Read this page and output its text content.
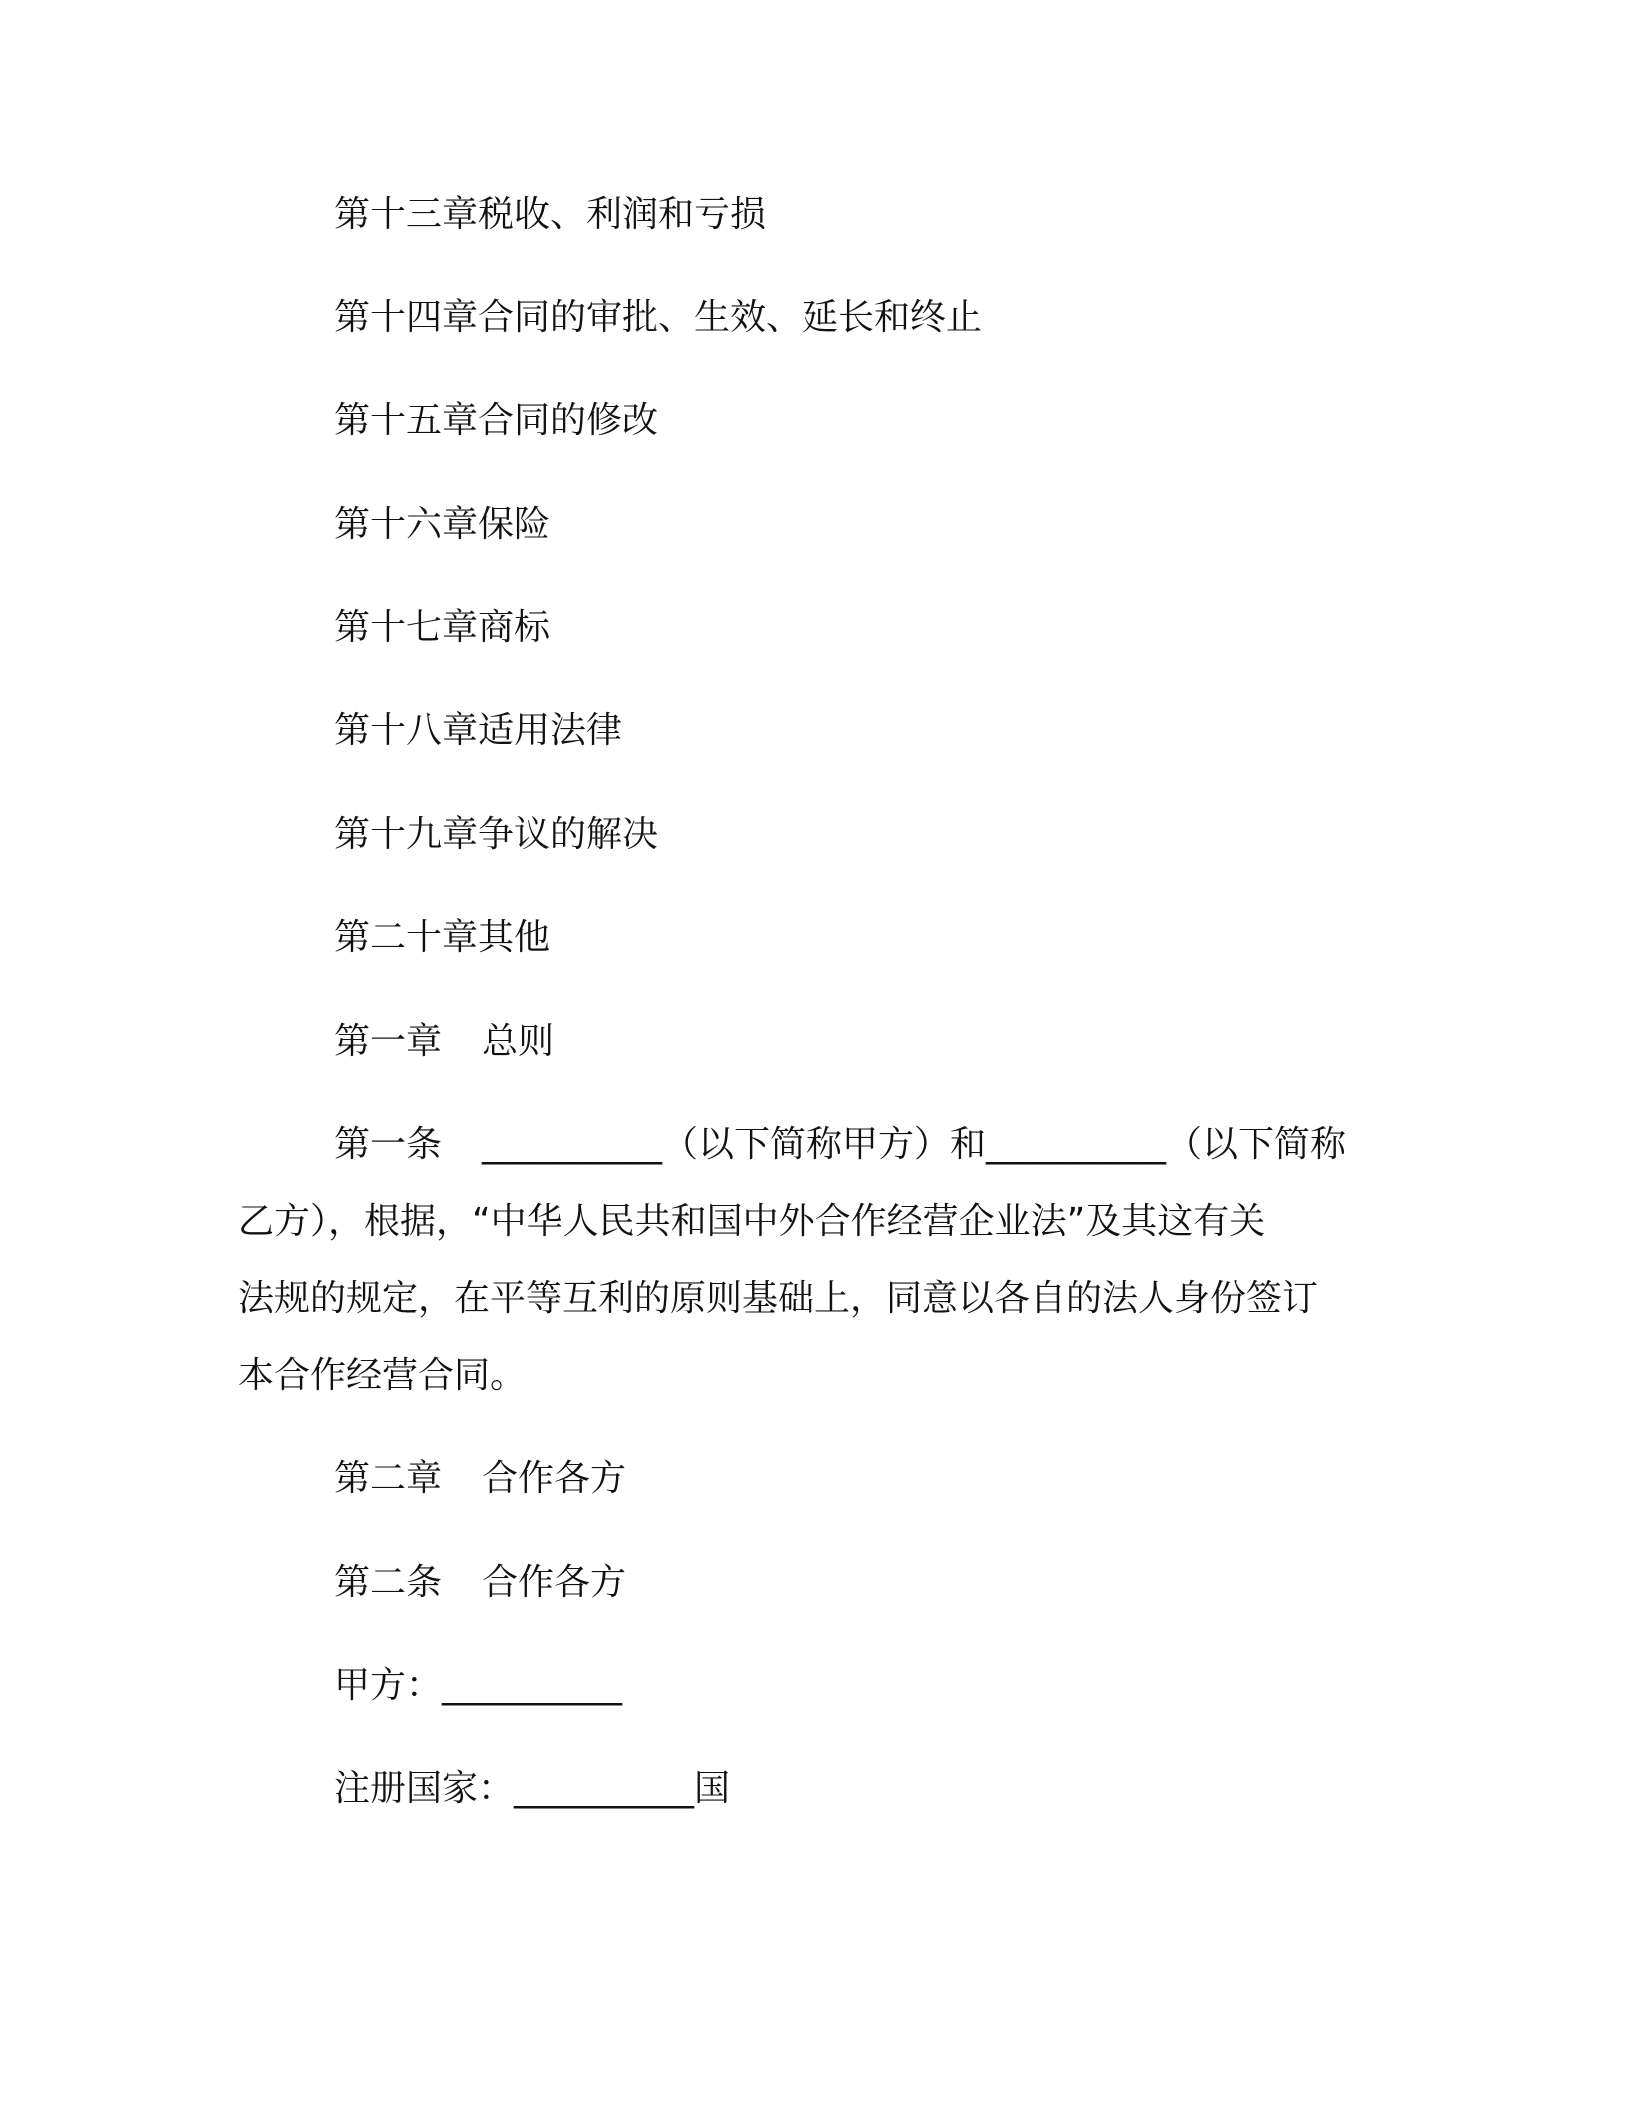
第十三章税收、利润和亏损
第十四章合同的审批、生效、延长和终止
第十五章合同的修改
第十六章保险
第十七章商标
第十八章适用法律
第十九章争议的解决
第二十章其他
第一章 总则
第一条 __________（以下简称甲方）和__________（以下简称
乙方），根据，“中华人民共和国中外合作经营企业法”及其这有关
法规的规定，在平等互利的原则基础上，同意以各自的法人身份签订
本合作经营合同。
第二章 合作各方
第二条 合作各方
甲方：__________
注册国家：__________国
